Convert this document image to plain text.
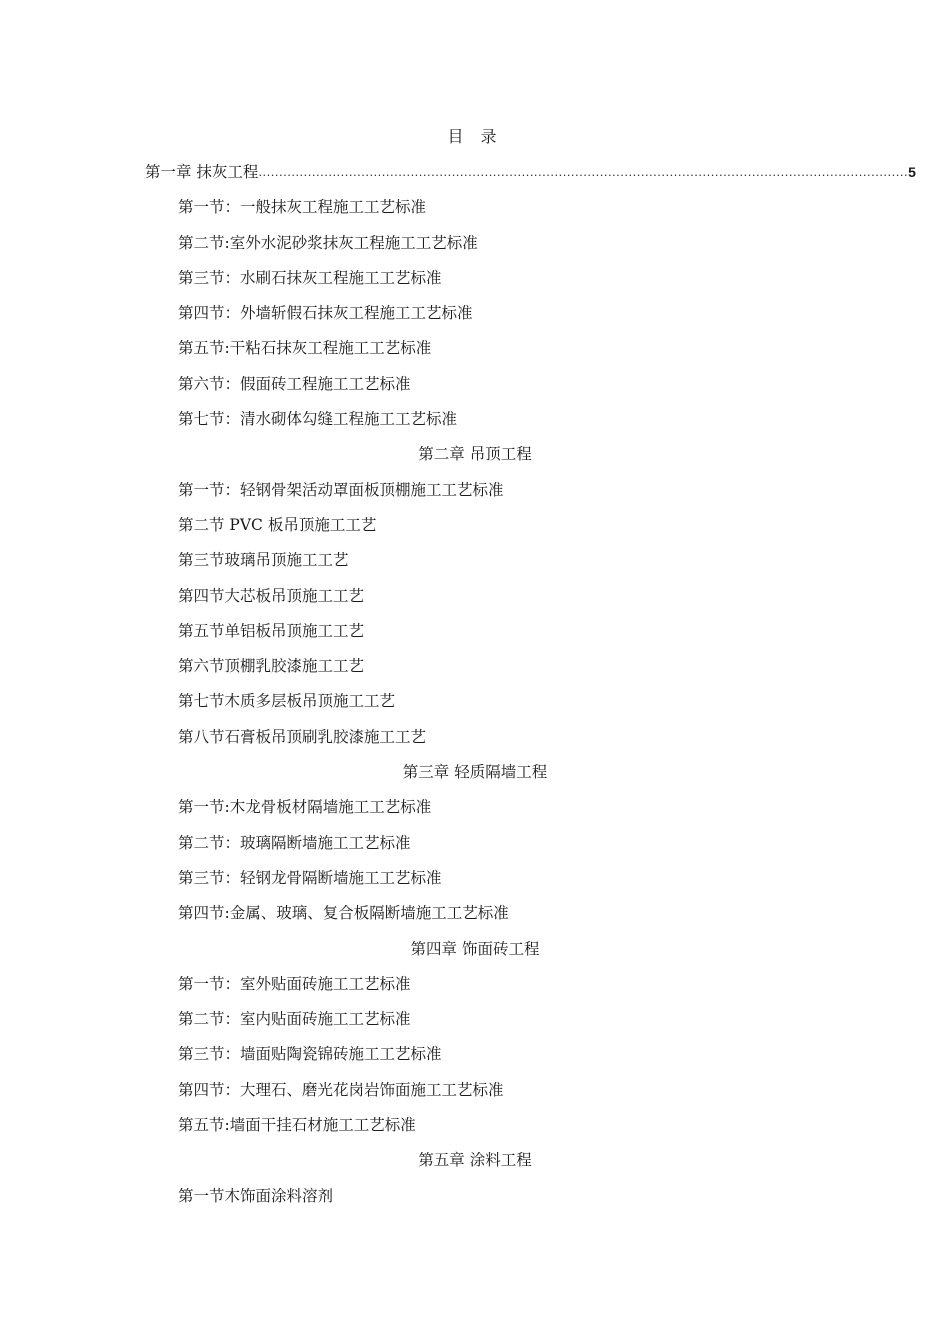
目 录
第一章 抹灰工程 .............................................................................................................................................................. 5
第一节：一般抹灰工程施工工艺标准
第二节:室外水泥砂浆抹灰工程施工工艺标准
第三节：水刷石抹灰工程施工工艺标准
第四节：外墙斩假石抹灰工程施工工艺标准
第五节:干粘石抹灰工程施工工艺标准
第六节：假面砖工程施工工艺标准
第七节：清水砌体勾缝工程施工工艺标准
第二章 吊顶工程
第一节：轻钢骨架活动罩面板顶棚施工工艺标准
第二节 PVC 板吊顶施工工艺
第三节玻璃吊顶施工工艺
第四节大芯板吊顶施工工艺
第五节单铝板吊顶施工工艺
第六节顶棚乳胶漆施工工艺
第七节木质多层板吊顶施工工艺
第八节石膏板吊顶刷乳胶漆施工工艺
第三章 轻质隔墙工程
第一节:木龙骨板材隔墙施工工艺标准
第二节：玻璃隔断墙施工工艺标准
第三节：轻钢龙骨隔断墙施工工艺标准
第四节:金属、玻璃、复合板隔断墙施工工艺标准
第四章 饰面砖工程
第一节：室外贴面砖施工工艺标准
第二节：室内贴面砖施工工艺标准
第三节：墙面贴陶瓷锦砖施工工艺标准
第四节：大理石、磨光花岗岩饰面施工工艺标准
第五节:墙面干挂石材施工工艺标准
第五章 涂料工程
第一节木饰面涂料溶剂
